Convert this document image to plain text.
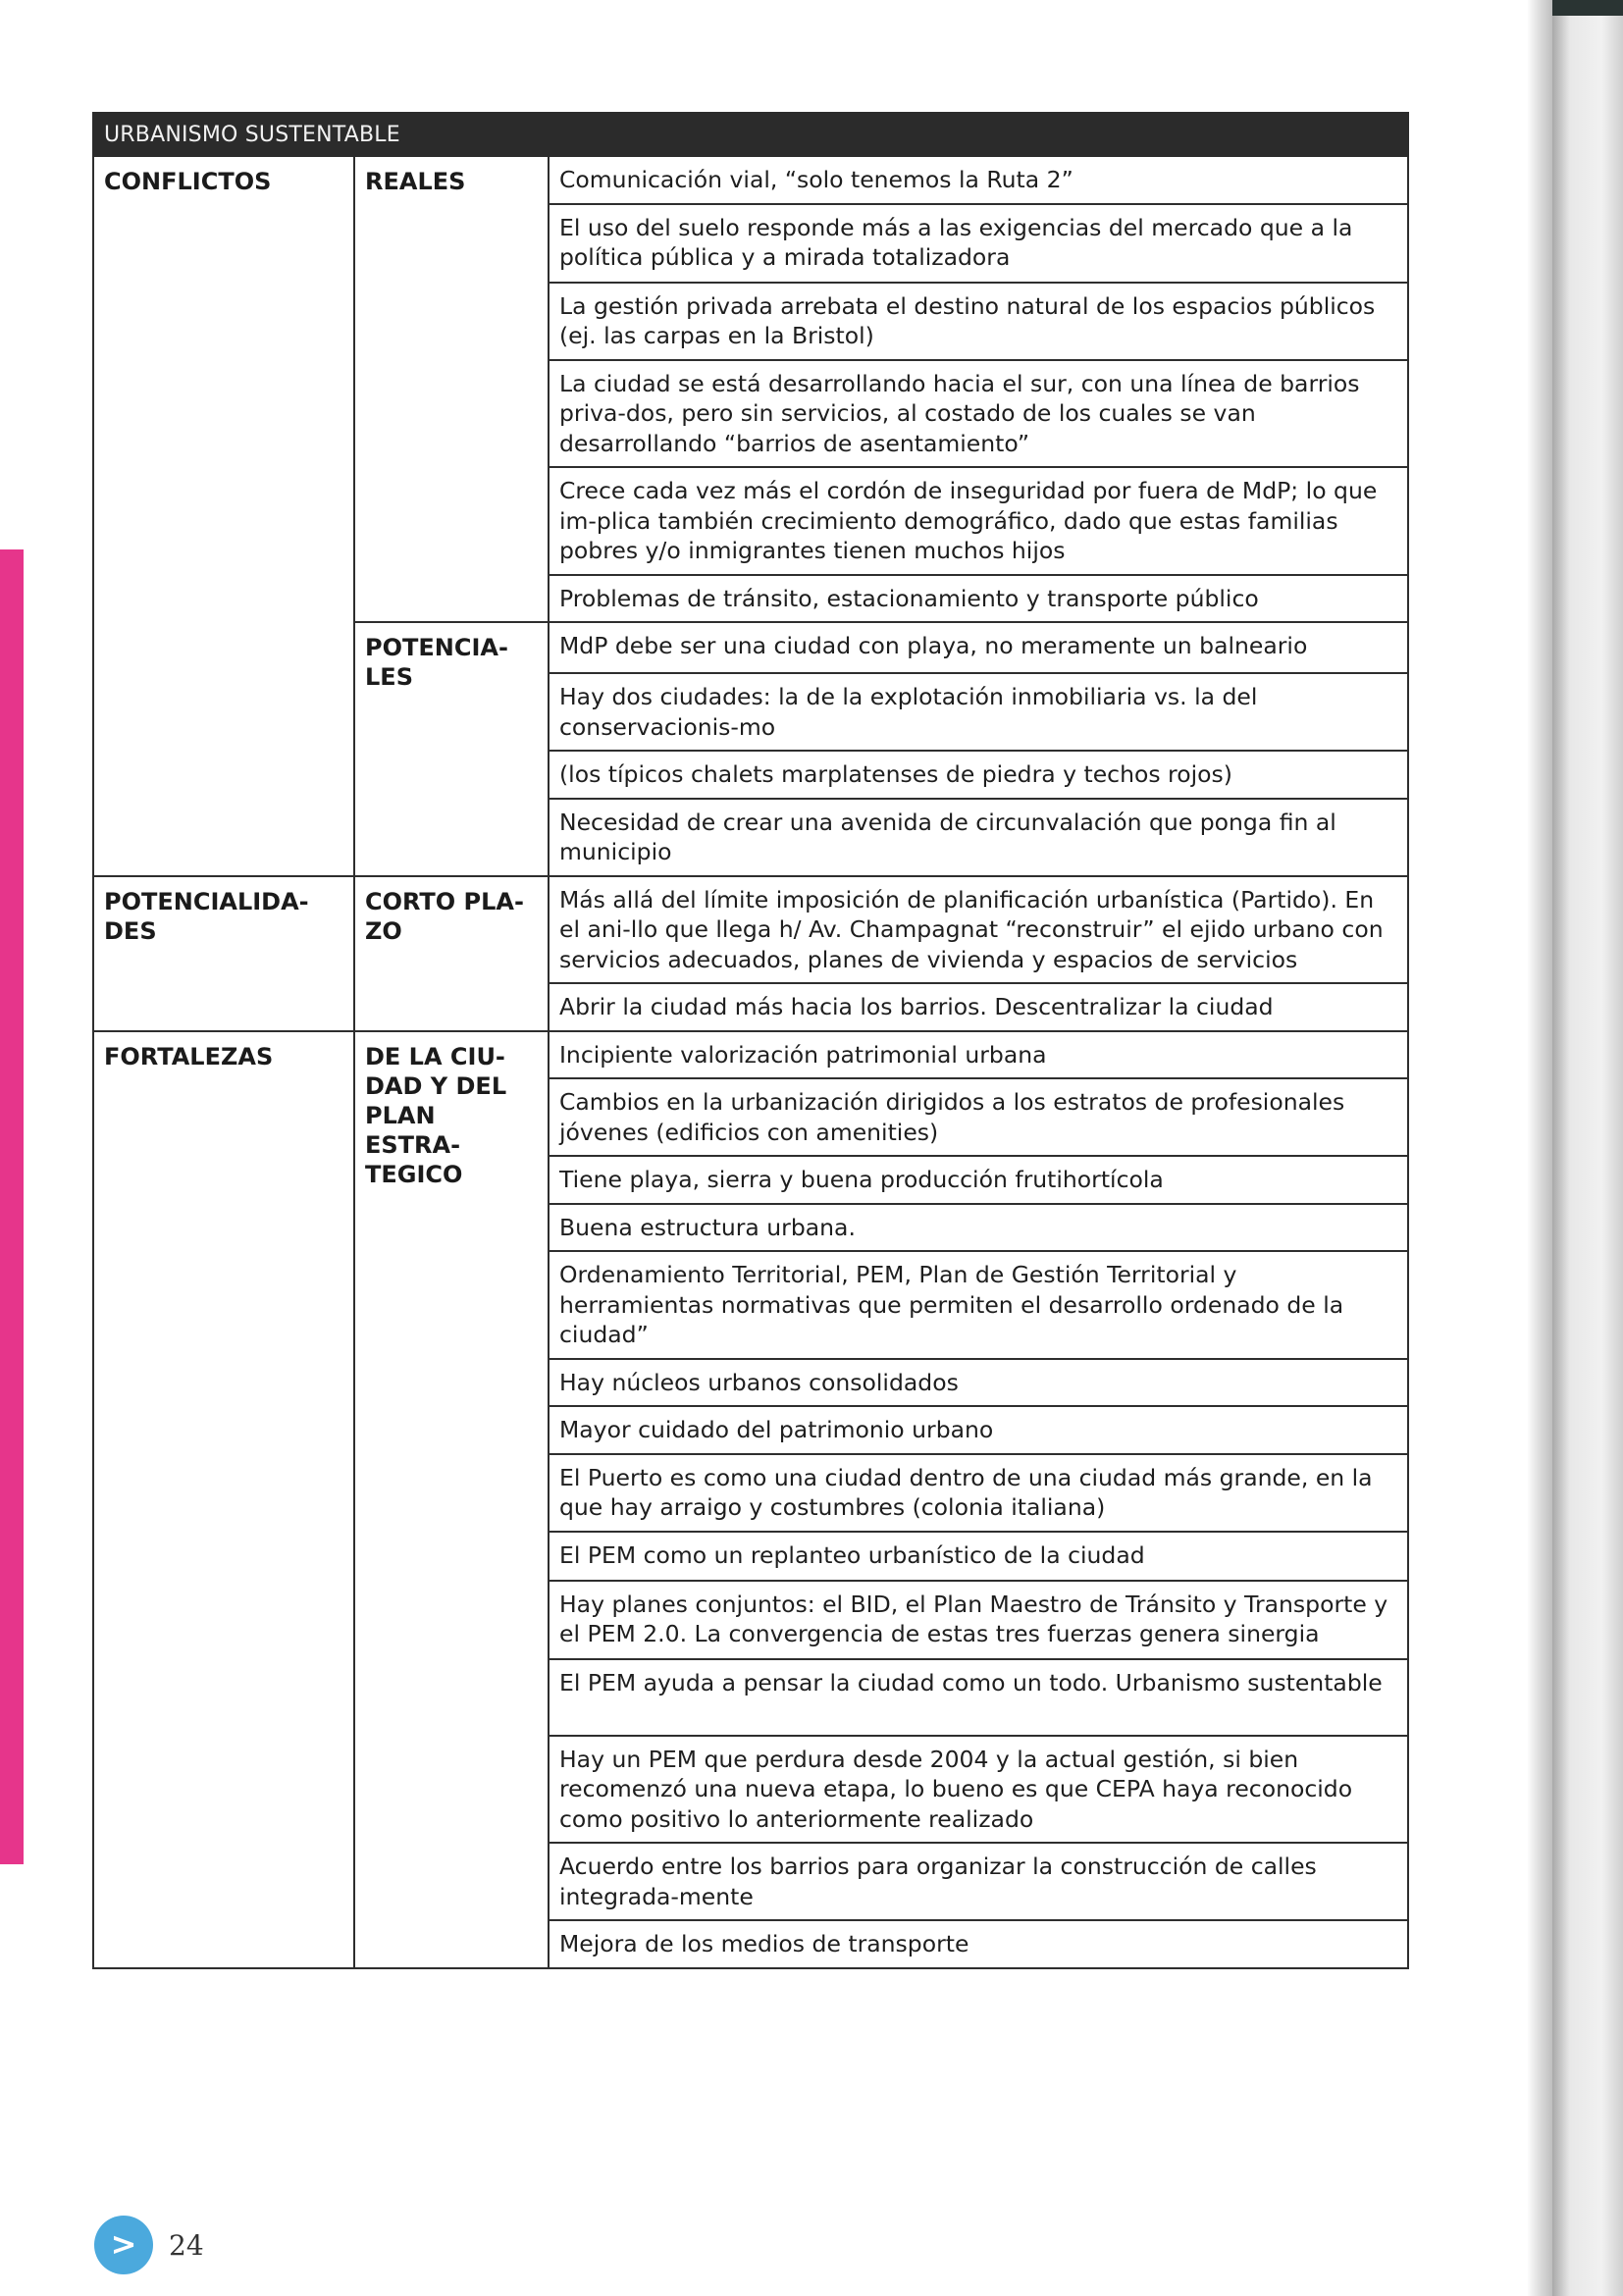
URBANISMO SUSTENTABLE		
CONFLICTOS	REALES	Comunicación vial, “solo tenemos la Ruta 2”
		El uso del suelo responde más a las exigencias del mercado que a la política pública y a mirada totalizadora
		La gestión privada arrebata el destino natural de los espacios públicos (ej. las carpas en la Bristol)
		La ciudad se está desarrollando hacia el sur, con una línea de barrios priva-dos, pero sin servicios, al costado de los cuales se van desarrollando “barrios de asentamiento”
		Crece cada vez más el cordón de inseguridad por fuera de MdP; lo que im-plica también crecimiento demográfico, dado que estas familias pobres y/o inmigrantes tienen muchos hijos
		Problemas de tránsito, estacionamiento y transporte público
	POTENCIA-LES	MdP debe ser una ciudad con playa, no meramente un balneario
		Hay dos ciudades: la de la explotación inmobiliaria vs. la del conservacionis-mo
		(los típicos chalets marplatenses de piedra y techos rojos)
		Necesidad de crear una avenida de circunvalación que ponga fin al municipio
POTENCIALIDA-DES	CORTO PLA-ZO	Más allá del límite imposición de planificación urbanística (Partido). En el ani-llo que llega h/ Av. Champagnat “reconstruir” el ejido urbano con servicios adecuados, planes de vivienda y espacios de servicios
		Abrir la ciudad más hacia los barrios. Descentralizar la ciudad
FORTALEZAS	DE LA CIU-DAD Y DEL PLAN ESTRA-TEGICO	Incipiente valorización patrimonial urbana
		Cambios en la urbanización dirigidos a los estratos de profesionales jóvenes (edificios con amenities)
		Tiene playa, sierra y buena producción frutihortícola
		Buena estructura urbana.
		Ordenamiento Territorial, PEM, Plan de Gestión Territorial y herramientas normativas que permiten el desarrollo ordenado de la ciudad”
		Hay núcleos urbanos consolidados
		Mayor cuidado del patrimonio urbano
		El Puerto es como una ciudad dentro de una ciudad más grande, en la que hay arraigo y costumbres (colonia italiana)
		El PEM como un replanteo urbanístico de la ciudad
		Hay planes conjuntos: el BID, el Plan Maestro de Tránsito y Transporte y el PEM 2.0. La convergencia de estas tres fuerzas genera sinergia
		El PEM ayuda a pensar la ciudad como un todo. Urbanismo sustentable
		Hay un PEM que perdura desde 2004 y la actual gestión, si bien recomenzó una nueva etapa, lo bueno es que CEPA haya reconocido como positivo lo anteriormente realizado
		Acuerdo entre los barrios para organizar la construcción de calles integrada-mente
		Mejora de los medios de transporte
>	24
